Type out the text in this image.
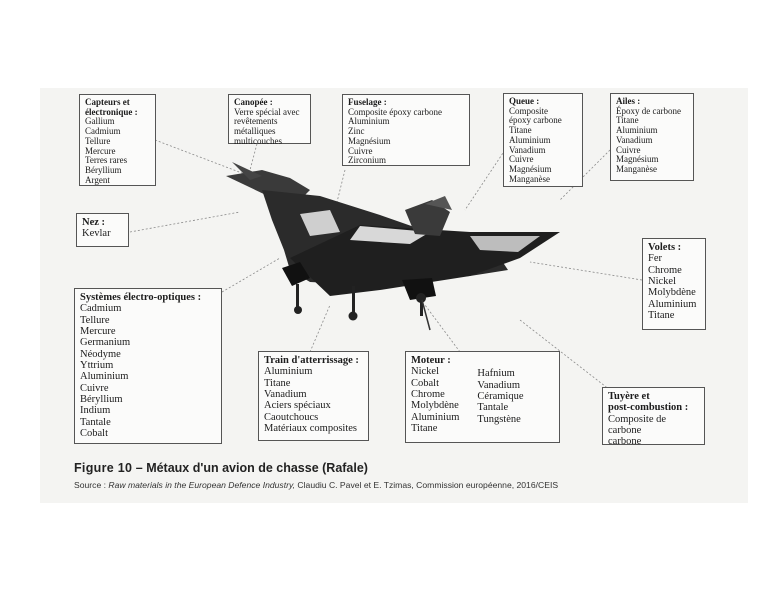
Capteurs et électronique :
Gallium
Cadmium
Tellure
Mercure
Terres rares
Béryllium
Argent
Canopée :
Verre spécial avec
revêtements
métalliques
multicouches
Fuselage :
Composite époxy carbone
Aluminium
Zinc
Magnésium
Cuivre
Zirconium
Queue :
Composite
époxy carbone
Titane
Aluminium
Vanadium
Cuivre
Magnésium
Manganèse
Ailes :
Époxy de carbone
Titane
Aluminium
Vanadium
Cuivre
Magnésium
Manganèse
Nez :
Kevlar
Volets :
Fer
Chrome
Nickel
Molybdène
Aluminium
Titane
Systèmes électro-optiques :
Cadmium
Tellure
Mercure
Germanium
Néodyme
Yttrium
Aluminium
Cuivre
Béryllium
Indium
Tantale
Cobalt
Train d'atterrissage :
Aluminium
Titane
Vanadium
Aciers spéciaux
Caoutchoucs
Matériaux composites
Moteur :
Nickel
Cobalt
Chrome
Molybdène
Aluminium
Titane
Hafnium
Vanadium
Céramique
Tantale
Tungstène
Tuyère et
post-combustion :
Composite de carbone
carbone
Figure 10 – Métaux d'un avion de chasse (Rafale)
Source : Raw materials in the European Defence Industry, Claudiu C. Pavel et E. Tzimas, Commission européenne, 2016/CEIS
